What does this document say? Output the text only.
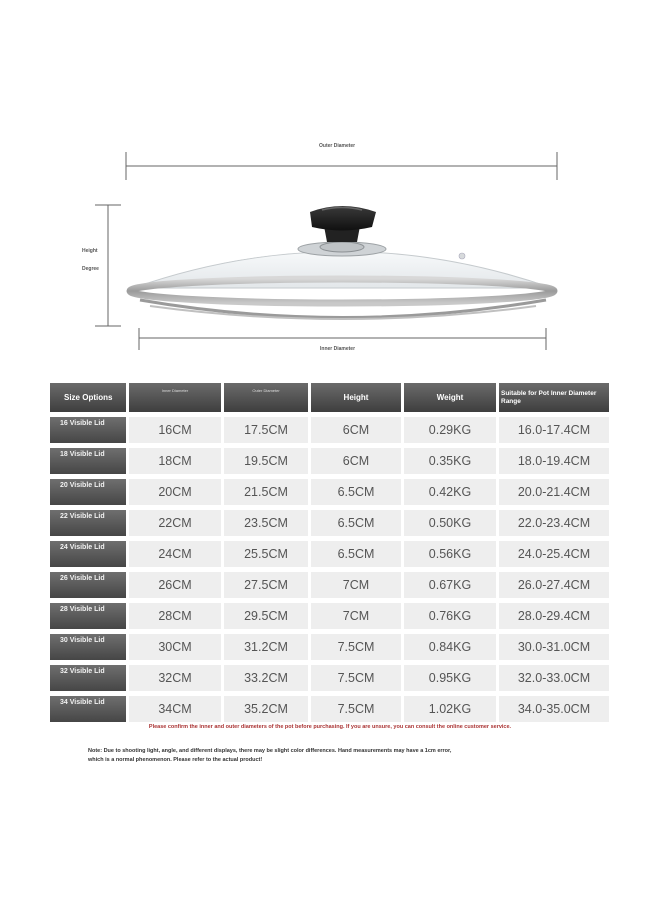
Outer Diameter
Height
Degree
Inner Diameter
Size Options	Inner Diameter	Outer Diameter	Height	Weight	Suitable for Pot Inner Diameter Range
16 Visible Lid	16CM	17.5CM	6CM	0.29KG	16.0-17.4CM
18 Visible Lid	18CM	19.5CM	6CM	0.35KG	18.0-19.4CM
20 Visible Lid	20CM	21.5CM	6.5CM	0.42KG	20.0-21.4CM
22 Visible Lid	22CM	23.5CM	6.5CM	0.50KG	22.0-23.4CM
24 Visible Lid	24CM	25.5CM	6.5CM	0.56KG	24.0-25.4CM
26 Visible Lid	26CM	27.5CM	7CM	0.67KG	26.0-27.4CM
28 Visible Lid	28CM	29.5CM	7CM	0.76KG	28.0-29.4CM
30 Visible Lid	30CM	31.2CM	7.5CM	0.84KG	30.0-31.0CM
32 Visible Lid	32CM	33.2CM	7.5CM	0.95KG	32.0-33.0CM
34 Visible Lid	34CM	35.2CM	7.5CM	1.02KG	34.0-35.0CM
Please confirm the inner and outer diameters of the pot before purchasing. If you are unsure, you can consult the online customer service.
Note: Due to shooting light, angle, and different displays, there may be slight color differences. Hand measurements may have a 1cm error, which is a normal phenomenon. Please refer to the actual product!
